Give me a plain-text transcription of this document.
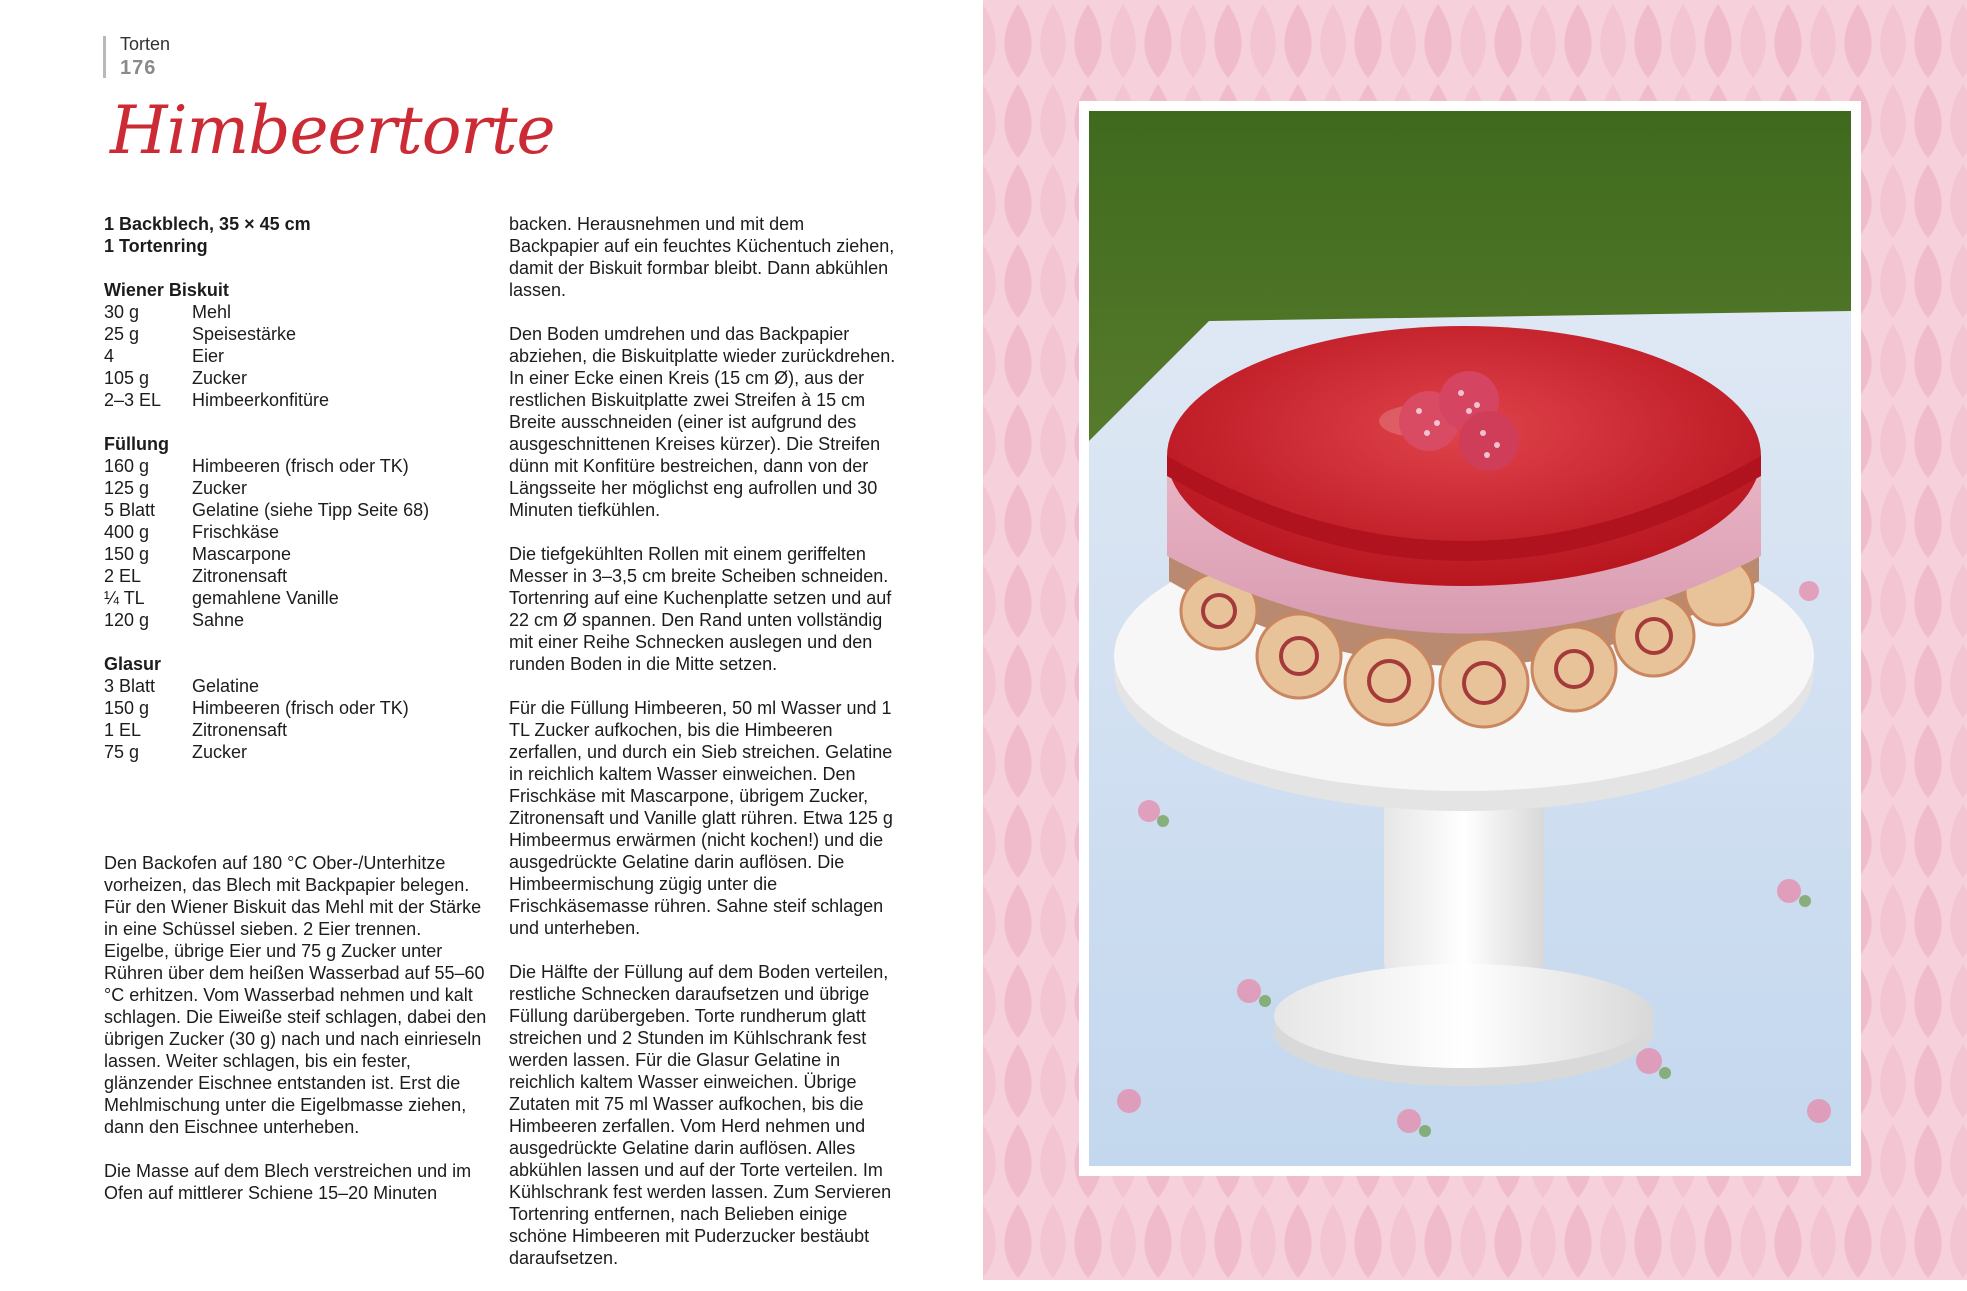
Torten
176
Himbeertorte
1 Backblech, 35 × 45 cm
1 Tortenring
Wiener Biskuit
30 g	Mehl
25 g	Speisestärke
4	Eier
105 g	Zucker
2–3 EL	Himbeerkonfitüre
Füllung
160 g	Himbeeren (frisch oder TK)
125 g	Zucker
5 Blatt	Gelatine (siehe Tipp Seite 68)
400 g	Frischkäse
150 g	Mascarpone
2 EL	Zitronensaft
¼ TL	gemahlene Vanille
120 g	Sahne
Glasur
3 Blatt	Gelatine
150 g	Himbeeren (frisch oder TK)
1 EL	Zitronensaft
75 g	Zucker

Den Backofen auf 180 °C Ober-/Unterhitze vorheizen, das Blech mit Backpapier belegen. Für den Wiener Biskuit das Mehl mit der Stärke in eine Schüssel sieben. 2 Eier trennen. Eigelbe, übrige Eier und 75 g Zucker unter Rühren über dem heißen Wasserbad auf 55–60 °C erhitzen. Vom Wasserbad nehmen und kalt schlagen. Die Eiweiße steif schlagen, dabei den übrigen Zucker (30 g) nach und nach einrieseln lassen. Weiter schlagen, bis ein fester, glänzender Eischnee entstanden ist. Erst die Mehlmischung unter die Eigelbmasse ziehen, dann den Eischnee unterheben.

Die Masse auf dem Blech verstreichen und im Ofen auf mittlerer Schiene 15–20 Minuten

backen. Herausnehmen und mit dem Backpapier auf ein feuchtes Küchentuch ziehen, damit der Biskuit formbar bleibt. Dann abkühlen lassen.

Den Boden umdrehen und das Backpapier abziehen, die Biskuitplatte wieder zurückdrehen. In einer Ecke einen Kreis (15 cm Ø), aus der restlichen Biskuitplatte zwei Streifen à 15 cm Breite ausschneiden (einer ist aufgrund des ausgeschnittenen Kreises kürzer). Die Streifen dünn mit Konfitüre bestreichen, dann von der Längsseite her möglichst eng aufrollen und 30 Minuten tiefkühlen.

Die tiefgekühlten Rollen mit einem geriffelten Messer in 3–3,5 cm breite Scheiben schneiden. Tortenring auf eine Kuchenplatte setzen und auf 22 cm Ø spannen. Den Rand unten vollständig mit einer Reihe Schnecken auslegen und den runden Boden in die Mitte setzen.

Für die Füllung Himbeeren, 50 ml Wasser und 1 TL Zucker aufkochen, bis die Himbeeren zerfallen, und durch ein Sieb streichen. Gelatine in reichlich kaltem Wasser einweichen. Den Frischkäse mit Mascarpone, übrigem Zucker, Zitronensaft und Vanille glatt rühren. Etwa 125 g Himbeermus erwärmen (nicht kochen!) und die ausgedrückte Gelatine darin auflösen. Die Himbeermischung zügig unter die Frischkäsemasse rühren. Sahne steif schlagen und unterheben.

Die Hälfte der Füllung auf dem Boden verteilen, restliche Schnecken daraufsetzen und übrige Füllung darübergeben. Torte rundherum glatt streichen und 2 Stunden im Kühlschrank fest werden lassen. Für die Glasur Gelatine in reichlich kaltem Wasser einweichen. Übrige Zutaten mit 75 ml Wasser aufkochen, bis die Himbeeren zerfallen. Vom Herd nehmen und ausgedrückte Gelatine darin auflösen. Alles abkühlen lassen und auf der Torte verteilen. Im Kühlschrank fest werden lassen. Zum Servieren Tortenring entfernen, nach Belieben einige schöne Himbeeren mit Puderzucker bestäubt daraufsetzen.
